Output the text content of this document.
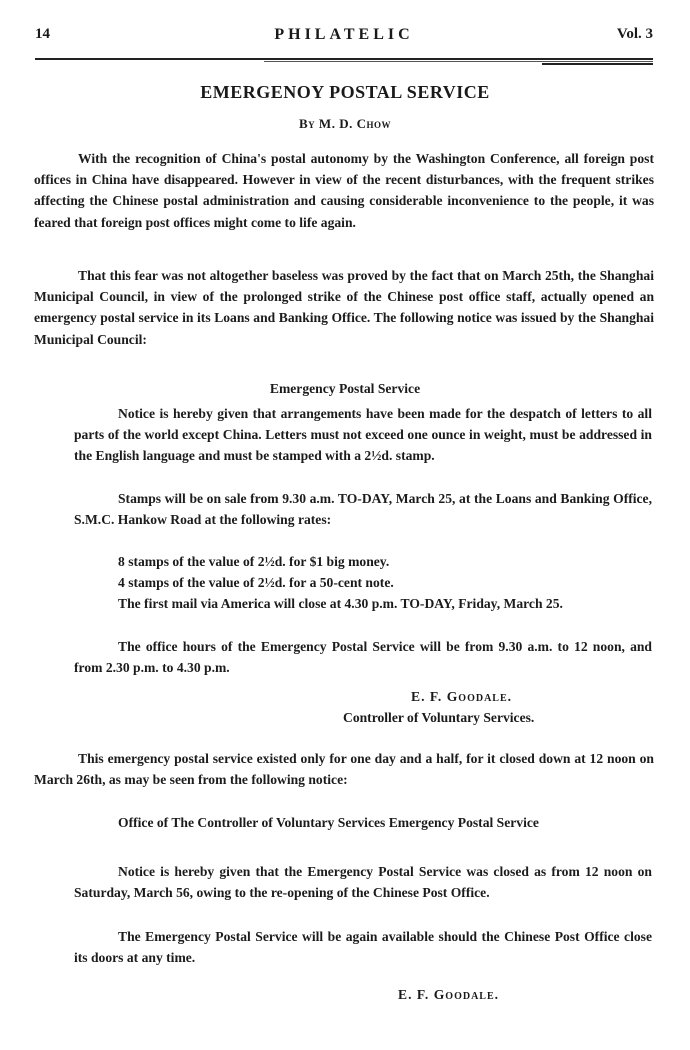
14	PHILATELIC	Vol. 3
EMERGENOY POSTAL SERVICE
By M. D. Chow

With the recognition of China's postal autonomy by the Washington Conference, all foreign post offices in China have disappeared. However in view of the recent disturbances, with the frequent strikes affecting the Chinese postal administration and causing considerable inconvenience to the people, it was feared that foreign post offices might come to life again.

That this fear was not altogether baseless was proved by the fact that on March 25th, the Shanghai Municipal Council, in view of the prolonged strike of the Chinese post office staff, actually opened an emergency postal service in its Loans and Banking Office. The following notice was issued by the Shanghai Municipal Council:

Emergency Postal Service

Notice is hereby given that arrangements have been made for the despatch of letters to all parts of the world except China. Letters must not exceed one ounce in weight, must be addressed in the English language and must be stamped with a 2½d. stamp.

Stamps will be on sale from 9.30 a.m. TO-DAY, March 25, at the Loans and Banking Office, S.M.C. Hankow Road at the following rates:

8 stamps of the value of 2½d. for $1 big money.
4 stamps of the value of 2½d. for a 50-cent note.

The first mail via America will close at 4.30 p.m. TO-DAY, Friday, March 25.

The office hours of the Emergency Postal Service will be from 9.30 a.m. to 12 noon, and from 2.30 p.m. to 4.30 p.m.

E. F. Goodale.
Controller of Voluntary Services.

This emergency postal service existed only for one day and a half, for it closed down at 12 noon on March 26th, as may be seen from the following notice:

Office of The Controller of Voluntary Services Emergency Postal Service

Notice is hereby given that the Emergency Postal Service was closed as from 12 noon on Saturday, March 56, owing to the re-opening of the Chinese Post Office.

The Emergency Postal Service will be again available should the Chinese Post Office close its doors at any time.

E. F. Goodale.
